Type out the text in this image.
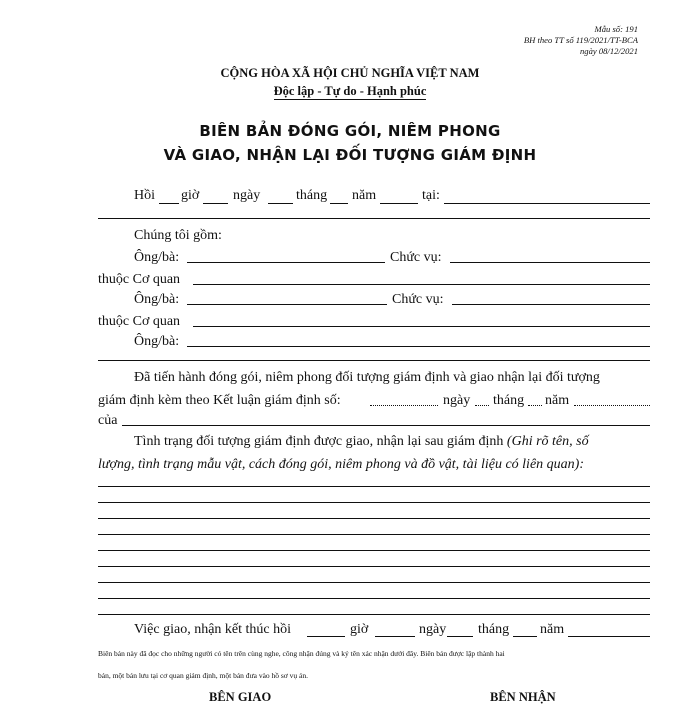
Mẫu số: 191
BH theo TT số 119/2021/TT-BCA
ngày 08/12/2021
CỘNG HÒA XÃ HỘI CHỦ NGHĨA VIỆT NAM
Độc lập - Tự do - Hạnh phúc
BIÊN BẢN ĐÓNG GÓI, NIÊM PHONG
VÀ GIAO, NHẬN LẠI ĐỐI TƯỢNG GIÁM ĐỊNH
Hồi giờ ngày	tháng năm	tại:
Chúng tôi gồm:
Ông/bà:	Chức vụ:
thuộc Cơ quan
Ông/bà:	Chức vụ:
thuộc Cơ quan
Ông/bà:
Đã tiến hành đóng gói, niêm phong đối tượng giám định và giao nhận lại đối tượng
giám định kèm theo Kết luận giám định số:	ngày tháng năm
của
Tình trạng đối tượng giám định được giao, nhận lại sau giám định (Ghi rõ tên, số
lượng, tình trạng mẫu vật, cách đóng gói, niêm phong và đồ vật, tài liệu có liên quan):
Việc giao, nhận kết thúc hồi	giờ	ngày tháng năm
Biên bản này đã đọc cho những người có tên trên cùng nghe, công nhận đúng và ký tên xác nhận dưới đây. Biên bản được lập thành hai
bản, một bản lưu tại cơ quan giám định, một bản đưa vào hồ sơ vụ án.
BÊN GIAO	BÊN NHẬN
